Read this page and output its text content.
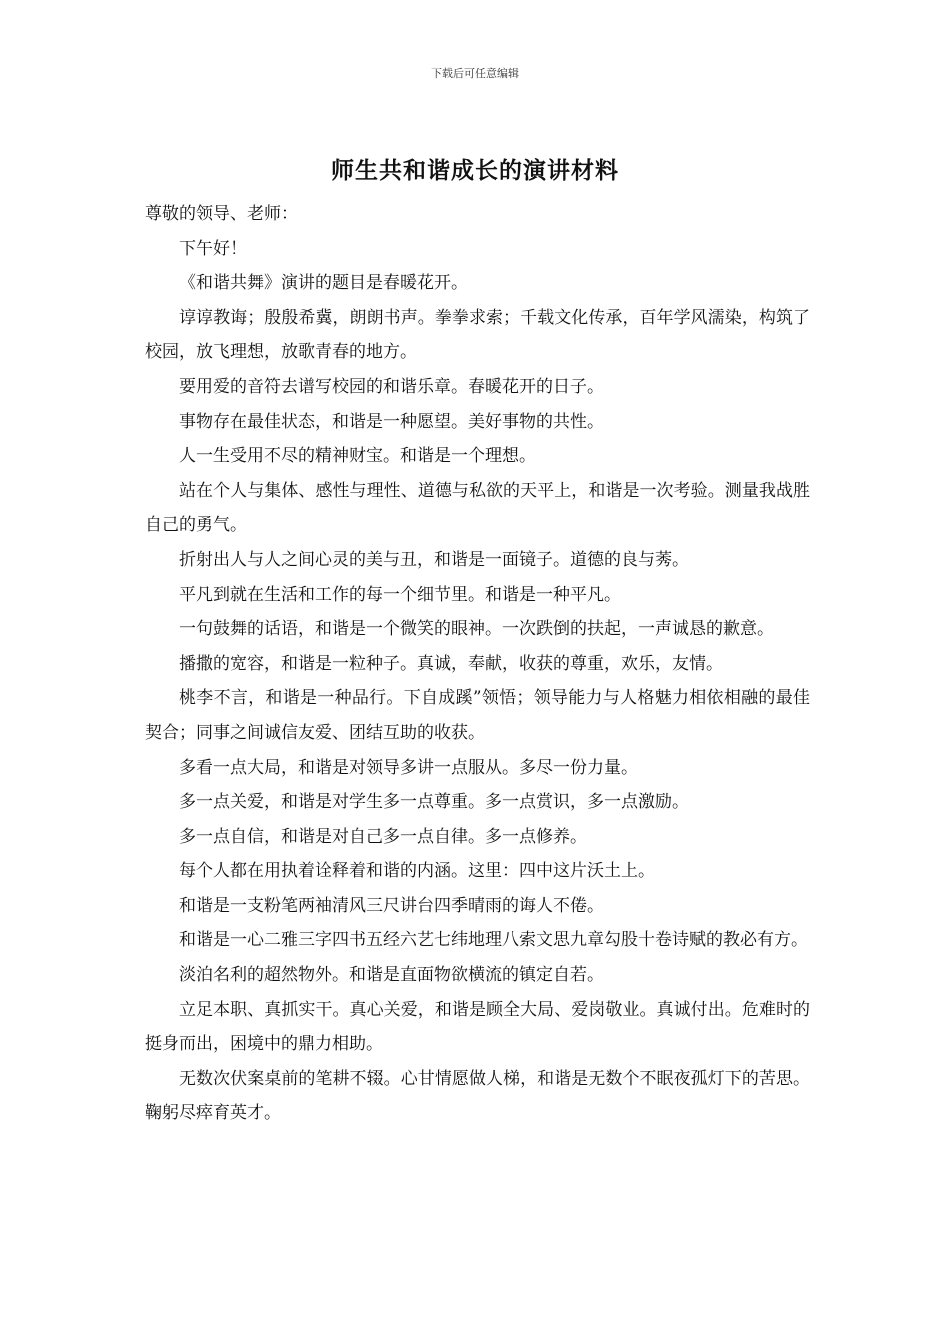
下载后可任意编辑
师生共和谐成长的演讲材料

尊敬的领导、老师：

下午好！

《和谐共舞》演讲的题目是春暖花开。

谆谆教诲；殷殷希冀，朗朗书声。拳拳求索；千载文化传承，百年学风濡染，构筑了校园，放飞理想，放歌青春的地方。

要用爱的音符去谱写校园的和谐乐章。春暖花开的日子。

事物存在最佳状态，和谐是一种愿望。美好事物的共性。

人一生受用不尽的精神财宝。和谐是一个理想。

站在个人与集体、感性与理性、道德与私欲的天平上，和谐是一次考验。测量我战胜自己的勇气。

折射出人与人之间心灵的美与丑，和谐是一面镜子。道德的良与莠。

平凡到就在生活和工作的每一个细节里。和谐是一种平凡。

一句鼓舞的话语，和谐是一个微笑的眼神。一次跌倒的扶起，一声诚恳的歉意。

播撒的宽容，和谐是一粒种子。真诚，奉献，收获的尊重，欢乐，友情。

桃李不言，和谐是一种品行。下自成蹊”领悟；领导能力与人格魅力相依相融的最佳契合；同事之间诚信友爱、团结互助的收获。

多看一点大局，和谐是对领导多讲一点服从。多尽一份力量。

多一点关爱，和谐是对学生多一点尊重。多一点赏识，多一点激励。

多一点自信，和谐是对自己多一点自律。多一点修养。

每个人都在用执着诠释着和谐的内涵。这里：四中这片沃土上。

和谐是一支粉笔两袖清风三尺讲台四季晴雨的诲人不倦。

和谐是一心二雅三字四书五经六艺七纬地理八索文思九章勾股十卷诗赋的教必有方。

淡泊名利的超然物外。和谐是直面物欲横流的镇定自若。

立足本职、真抓实干。真心关爱，和谐是顾全大局、爱岗敬业。真诚付出。危难时的挺身而出，困境中的鼎力相助。

无数次伏案桌前的笔耕不辍。心甘情愿做人梯，和谐是无数个不眠夜孤灯下的苦思。鞠躬尽瘁育英才。
